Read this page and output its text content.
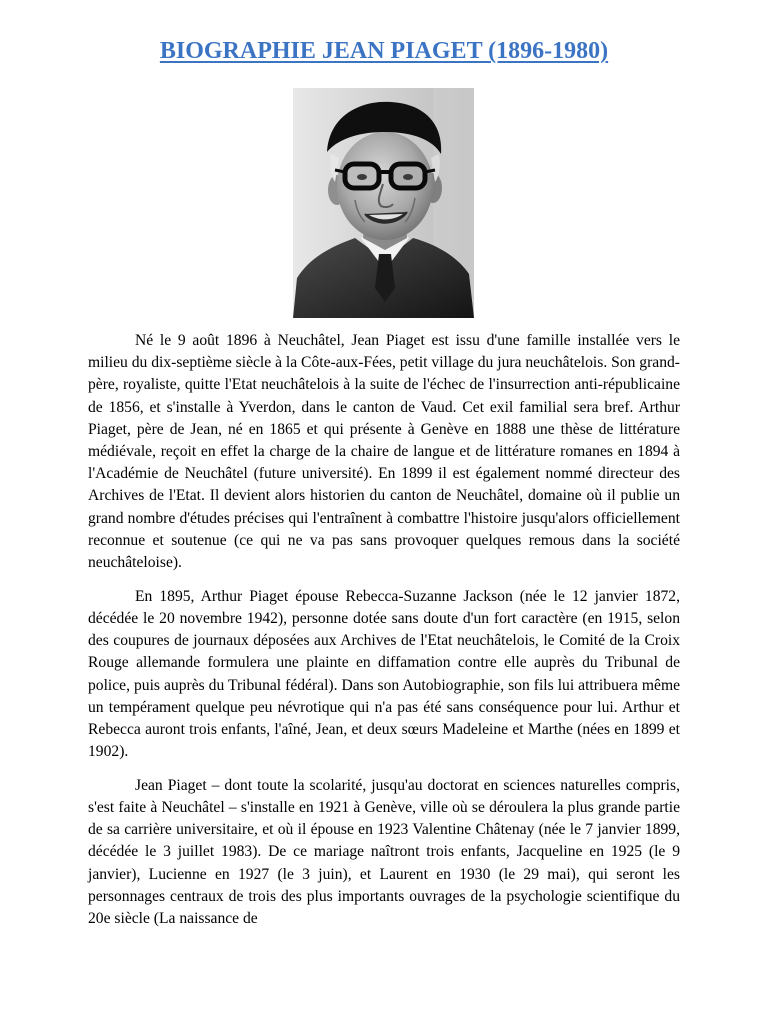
BIOGRAPHIE JEAN PIAGET (1896-1980)

Né le 9 août 1896 à Neuchâtel, Jean Piaget est issu d'une famille installée vers le milieu du dix-septième siècle à la Côte-aux-Fées, petit village du jura neuchâtelois. Son grand-père, royaliste, quitte l'Etat neuchâtelois à la suite de l'échec de l'insurrection anti-républicaine de 1856, et s'installe à Yverdon, dans le canton de Vaud. Cet exil familial sera bref. Arthur Piaget, père de Jean, né en 1865 et qui présente à Genève en 1888 une thèse de littérature médiévale, reçoit en effet la charge de la chaire de langue et de littérature romanes en 1894 à l'Académie de Neuchâtel (future université). En 1899 il est également nommé directeur des Archives de l'Etat. Il devient alors historien du canton de Neuchâtel, domaine où il publie un grand nombre d'études précises qui l'entraînent à combattre l'histoire jusqu'alors officiellement reconnue et soutenue (ce qui ne va pas sans provoquer quelques remous dans la société neuchâteloise).

En 1895, Arthur Piaget épouse Rebecca-Suzanne Jackson (née le 12 janvier 1872, décédée le 20 novembre 1942), personne dotée sans doute d'un fort caractère (en 1915, selon des coupures de journaux déposées aux Archives de l'Etat neuchâtelois, le Comité de la Croix Rouge allemande formulera une plainte en diffamation contre elle auprès du Tribunal de police, puis auprès du Tribunal fédéral). Dans son Autobiographie, son fils lui attribuera même un tempérament quelque peu névrotique qui n'a pas été sans conséquence pour lui. Arthur et Rebecca auront trois enfants, l'aîné, Jean, et deux sœurs Madeleine et Marthe (nées en 1899 et 1902).

Jean Piaget – dont toute la scolarité, jusqu'au doctorat en sciences naturelles compris, s'est faite à Neuchâtel – s'installe en 1921 à Genève, ville où se déroulera la plus grande partie de sa carrière universitaire, et où il épouse en 1923 Valentine Châtenay (née le 7 janvier 1899, décédée le 3 juillet 1983). De ce mariage naîtront trois enfants, Jacqueline en 1925 (le 9 janvier), Lucienne en 1927 (le 3 juin), et Laurent en 1930 (le 29 mai), qui seront les personnages centraux de trois des plus importants ouvrages de la psychologie scientifique du 20e siècle (La naissance de
